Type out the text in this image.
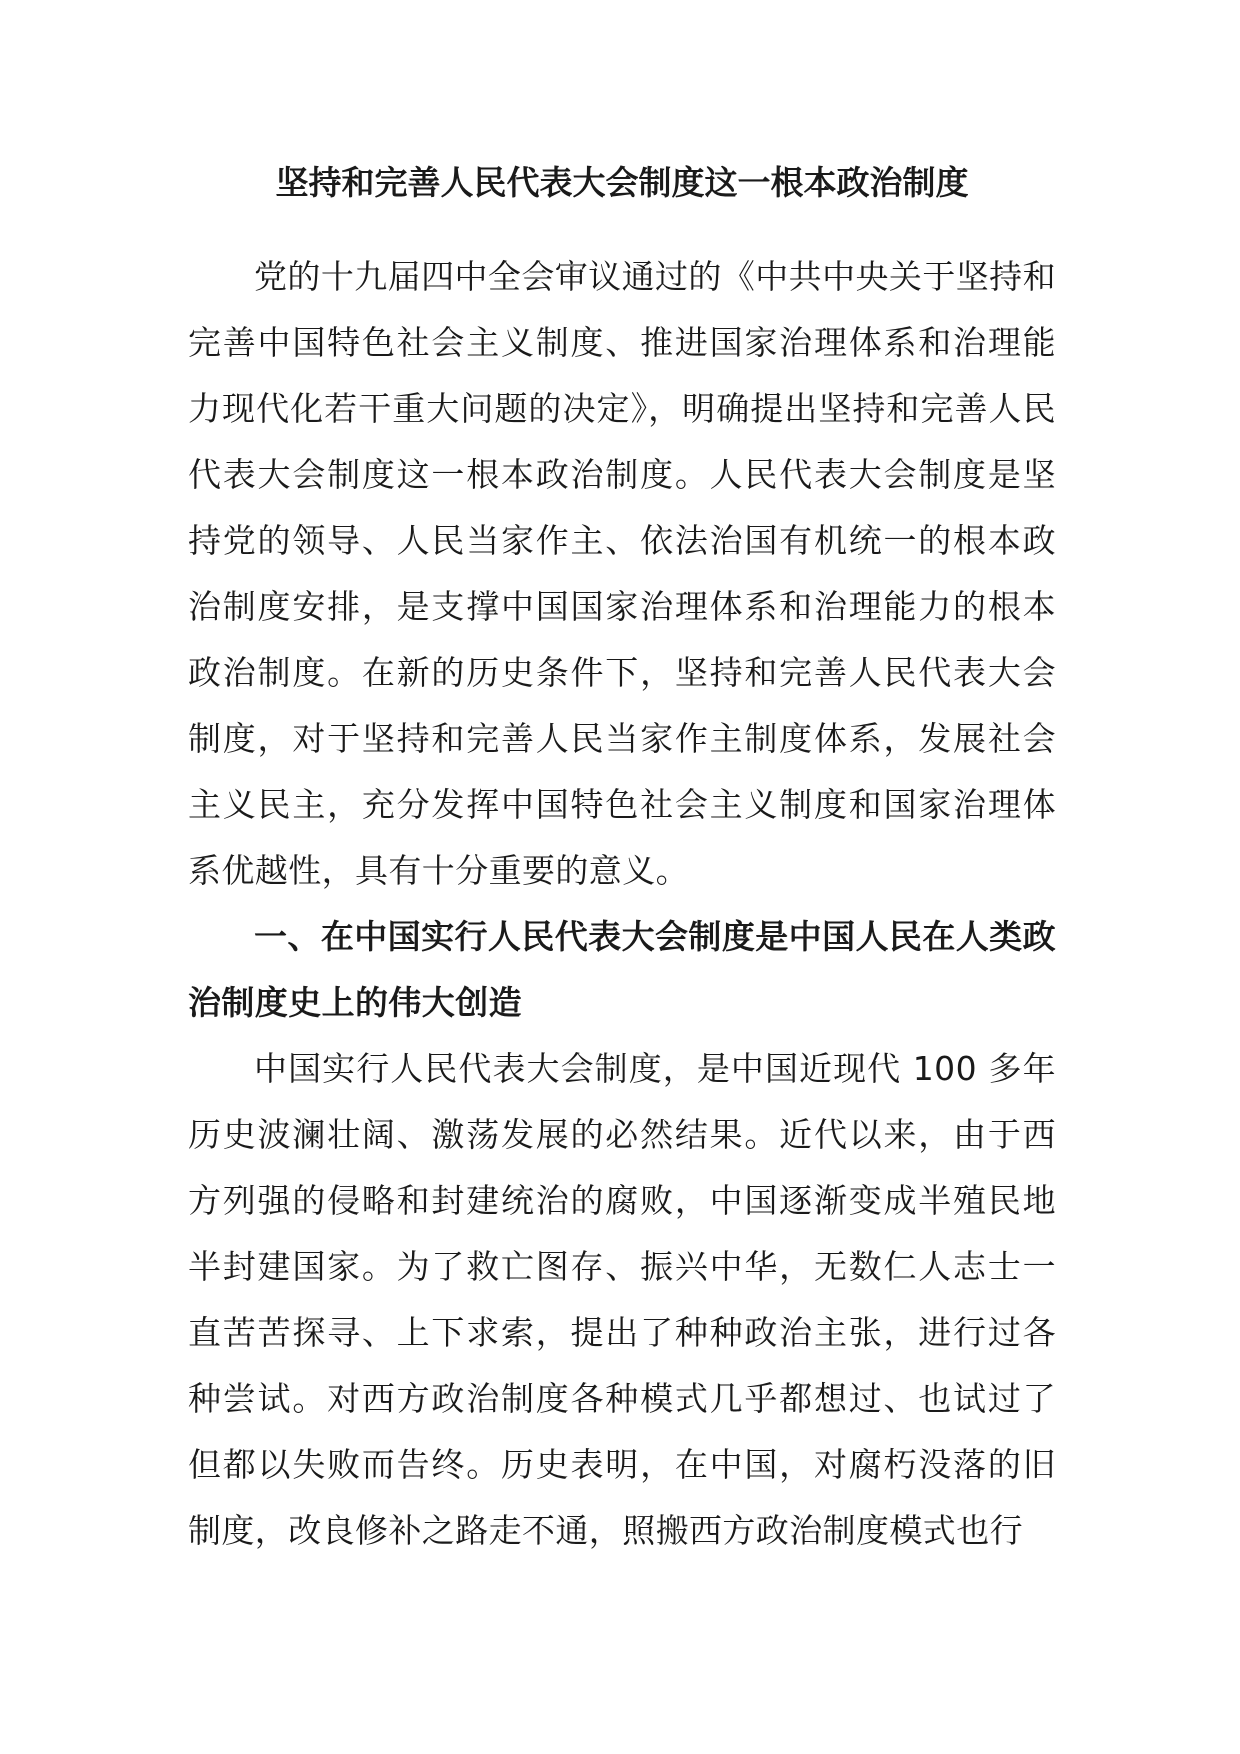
坚持和完善人民代表大会制度这一根本政治制度

党的十九届四中全会审议通过的《中共中央关于坚持和完善中国特色社会主义制度、推进国家治理体系和治理能力现代化若干重大问题的决定》，明确提出坚持和完善人民代表大会制度这一根本政治制度。人民代表大会制度是坚持党的领导、人民当家作主、依法治国有机统一的根本政治制度安排，是支撑中国国家治理体系和治理能力的根本政治制度。在新的历史条件下，坚持和完善人民代表大会制度，对于坚持和完善人民当家作主制度体系，发展社会主义民主，充分发挥中国特色社会主义制度和国家治理体系优越性，具有十分重要的意义。

一、在中国实行人民代表大会制度是中国人民在人类政治制度史上的伟大创造

中国实行人民代表大会制度，是中国近现代 100 多年历史波澜壮阔、激荡发展的必然结果。近代以来，由于西方列强的侵略和封建统治的腐败，中国逐渐变成半殖民地半封建国家。为了救亡图存、振兴中华，无数仁人志士一直苦苦探寻、上下求索，提出了种种政治主张，进行过各种尝试。对西方政治制度各种模式几乎都想过、也试过了但都以失败而告终。历史表明，在中国，对腐朽没落的旧制度，改良修补之路走不通，照搬西方政治制度模式也行
